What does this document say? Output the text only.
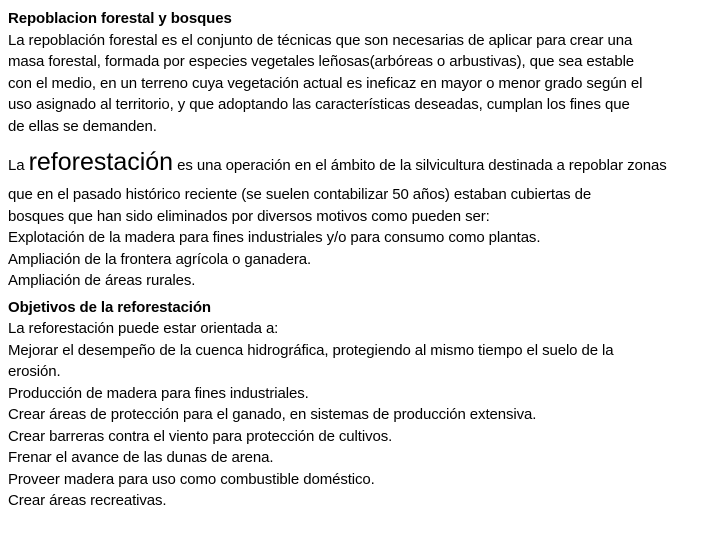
Repoblacion forestal y bosques
La repoblación forestal es el conjunto de técnicas que son necesarias de aplicar para crear una
masa forestal, formada por especies vegetales leñosas(arbóreas o arbustivas), que sea estable
con el medio, en un terreno cuya vegetación actual es ineficaz en mayor o menor grado según el
uso asignado al territorio, y que adoptando las características deseadas, cumplan los fines que
de ellas se demanden.
La reforestación es una operación en el ámbito de la silvicultura destinada a repoblar zonas
que en el pasado histórico reciente (se suelen contabilizar 50 años) estaban cubiertas de
bosques que han sido eliminados por diversos motivos como pueden ser:
Explotación de la madera para fines industriales y/o para consumo como plantas.
Ampliación de la frontera agrícola o ganadera.
Ampliación de áreas rurales.
Objetivos de la reforestación
La reforestación puede estar orientada a:
Mejorar el desempeño de la cuenca hidrográfica, protegiendo al mismo tiempo el suelo de la
erosión.
Producción de madera para fines industriales.
Crear áreas de protección para el ganado, en sistemas de producción extensiva.
Crear barreras contra el viento para protección de cultivos.
Frenar el avance de las dunas de arena.
Proveer madera para uso como combustible doméstico.
Crear áreas recreativas.
